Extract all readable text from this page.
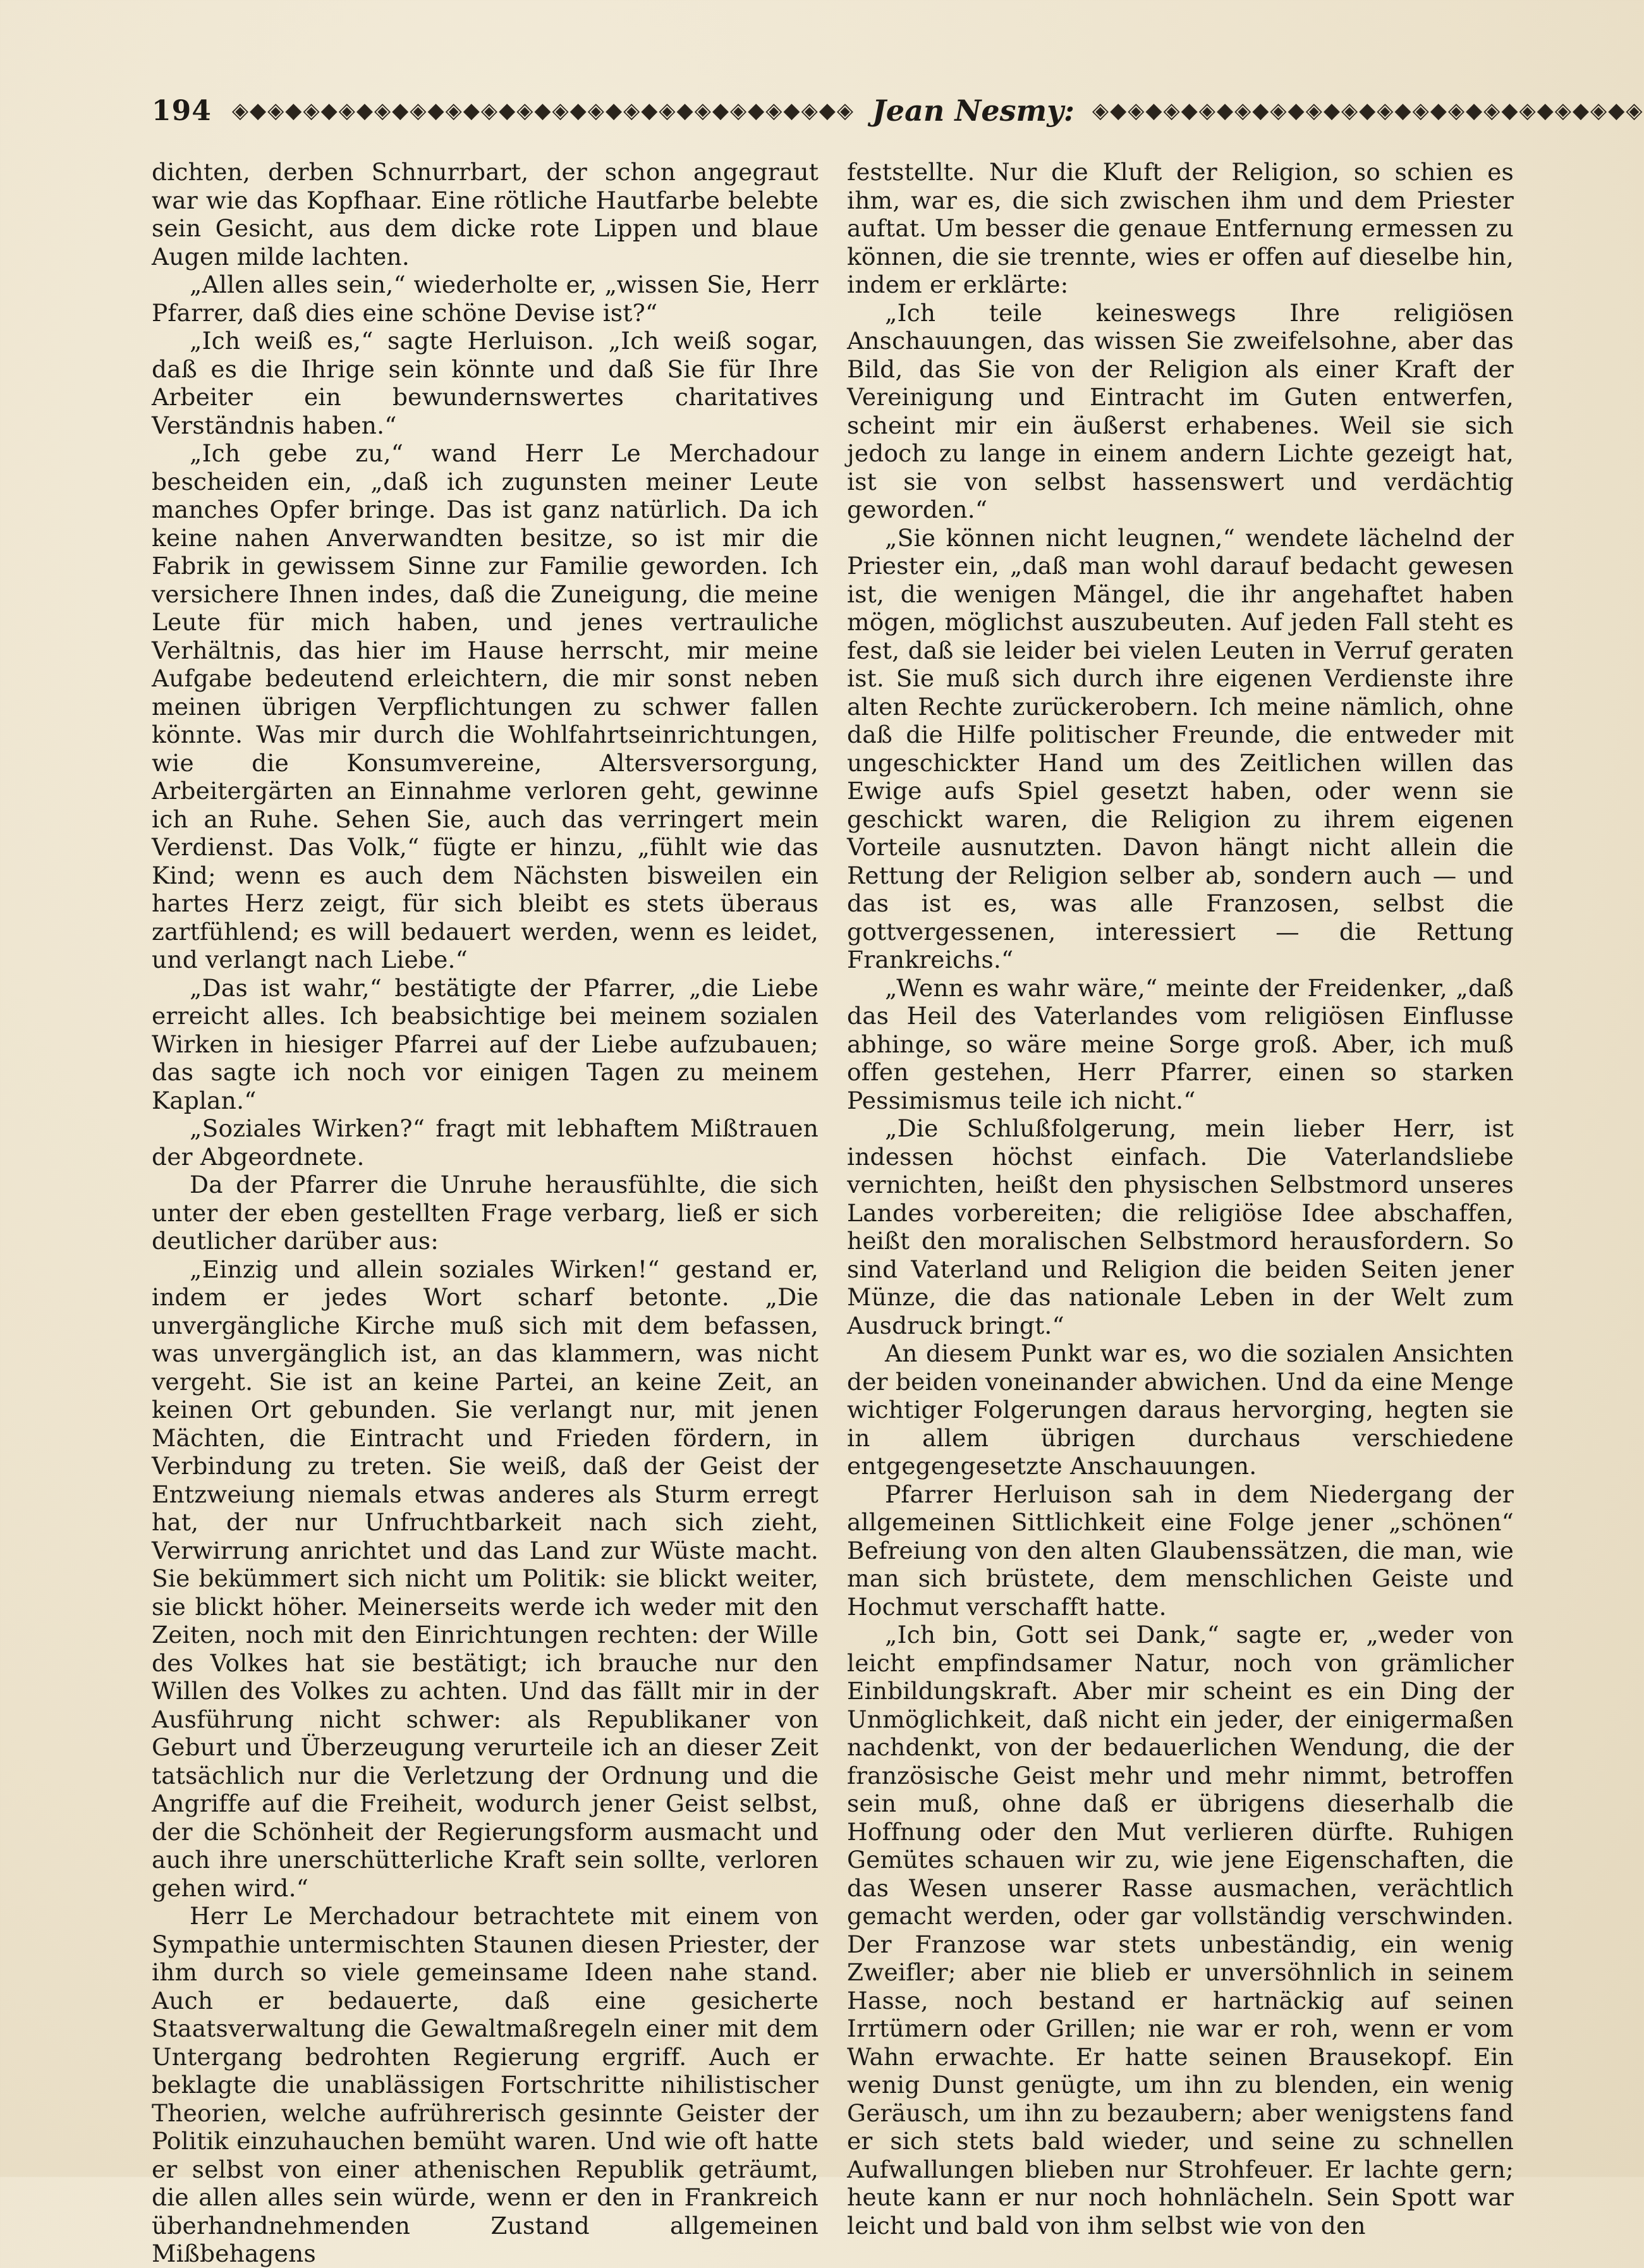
194 ◈◆◈◆◈◆◈◆◈◆◈◆◈◆◈◆◈◆◈◆◈◆◈◆◈◆◈◆◈◆◈◆◈◆◈ Jean Nesmy: ◈◆◈◆◈◆◈◆◈◆◈◆◈◆◈◆◈◆◈◆◈◆◈◆◈◆◈◆◈◆◈

dichten, derben Schnurrbart, der schon angegraut war wie das Kopfhaar. Eine rötliche Hautfarbe belebte sein Gesicht, aus dem dicke rote Lippen und blaue Augen milde lachten.

„Allen alles sein,“ wiederholte er, „wissen Sie, Herr Pfarrer, daß dies eine schöne Devise ist?“

„Ich weiß es,“ sagte Herluison. „Ich weiß sogar, daß es die Ihrige sein könnte und daß Sie für Ihre Arbeiter ein bewundernswertes charitatives Verständnis haben.“

„Ich gebe zu,“ wand Herr Le Merchadour bescheiden ein, „daß ich zugunsten meiner Leute manches Opfer bringe. Das ist ganz natürlich. Da ich keine nahen Anverwandten besitze, so ist mir die Fabrik in gewissem Sinne zur Familie geworden. Ich versichere Ihnen indes, daß die Zuneigung, die meine Leute für mich haben, und jenes vertrauliche Verhältnis, das hier im Hause herrscht, mir meine Aufgabe bedeutend erleichtern, die mir sonst neben meinen übrigen Verpflichtungen zu schwer fallen könnte. Was mir durch die Wohlfahrtseinrichtungen, wie die Konsumvereine, Altersversorgung, Arbeitergärten an Einnahme verloren geht, gewinne ich an Ruhe. Sehen Sie, auch das verringert mein Verdienst. Das Volk,“ fügte er hinzu, „fühlt wie das Kind; wenn es auch dem Nächsten bisweilen ein hartes Herz zeigt, für sich bleibt es stets überaus zartfühlend; es will bedauert werden, wenn es leidet, und verlangt nach Liebe.“

„Das ist wahr,“ bestätigte der Pfarrer, „die Liebe erreicht alles. Ich beabsichtige bei meinem sozialen Wirken in hiesiger Pfarrei auf der Liebe aufzubauen; das sagte ich noch vor einigen Tagen zu meinem Kaplan.“

„Soziales Wirken?“ fragt mit lebhaftem Mißtrauen der Abgeordnete.

Da der Pfarrer die Unruhe herausfühlte, die sich unter der eben gestellten Frage verbarg, ließ er sich deutlicher darüber aus:

„Einzig und allein soziales Wirken!“ gestand er, indem er jedes Wort scharf betonte. „Die unvergängliche Kirche muß sich mit dem befassen, was unvergänglich ist, an das klammern, was nicht vergeht. Sie ist an keine Partei, an keine Zeit, an keinen Ort gebunden. Sie verlangt nur, mit jenen Mächten, die Eintracht und Frieden fördern, in Verbindung zu treten. Sie weiß, daß der Geist der Entzweiung niemals etwas anderes als Sturm erregt hat, der nur Unfruchtbarkeit nach sich zieht, Verwirrung anrichtet und das Land zur Wüste macht. Sie bekümmert sich nicht um Politik: sie blickt weiter, sie blickt höher. Meinerseits werde ich weder mit den Zeiten, noch mit den Einrichtungen rechten: der Wille des Volkes hat sie bestätigt; ich brauche nur den Willen des Volkes zu achten. Und das fällt mir in der Ausführung nicht schwer: als Republikaner von Geburt und Überzeugung verurteile ich an dieser Zeit tatsächlich nur die Verletzung der Ordnung und die Angriffe auf die Freiheit, wodurch jener Geist selbst, der die Schönheit der Regierungsform ausmacht und auch ihre unerschütterliche Kraft sein sollte, verloren gehen wird.“

Herr Le Merchadour betrachtete mit einem von Sympathie untermischten Staunen diesen Priester, der ihm durch so viele gemeinsame Ideen nahe stand. Auch er bedauerte, daß eine gesicherte Staatsverwaltung die Gewaltmaßregeln einer mit dem Untergang bedrohten Regierung ergriff. Auch er beklagte die unablässigen Fortschritte nihilistischer Theorien, welche aufrührerisch gesinnte Geister der Politik einzuhauchen bemüht waren. Und wie oft hatte er selbst von einer athenischen Republik geträumt, die allen alles sein würde, wenn er den in Frankreich überhandnehmenden Zustand allgemeinen Mißbehagens

feststellte. Nur die Kluft der Religion, so schien es ihm, war es, die sich zwischen ihm und dem Priester auftat. Um besser die genaue Entfernung ermessen zu können, die sie trennte, wies er offen auf dieselbe hin, indem er erklärte:

„Ich teile keineswegs Ihre religiösen Anschauungen, das wissen Sie zweifelsohne, aber das Bild, das Sie von der Religion als einer Kraft der Vereinigung und Eintracht im Guten entwerfen, scheint mir ein äußerst erhabenes. Weil sie sich jedoch zu lange in einem andern Lichte gezeigt hat, ist sie von selbst hassenswert und verdächtig geworden.“

„Sie können nicht leugnen,“ wendete lächelnd der Priester ein, „daß man wohl darauf bedacht gewesen ist, die wenigen Mängel, die ihr angehaftet haben mögen, möglichst auszubeuten. Auf jeden Fall steht es fest, daß sie leider bei vielen Leuten in Verruf geraten ist. Sie muß sich durch ihre eigenen Verdienste ihre alten Rechte zurückerobern. Ich meine nämlich, ohne daß die Hilfe politischer Freunde, die entweder mit ungeschickter Hand um des Zeitlichen willen das Ewige aufs Spiel gesetzt haben, oder wenn sie geschickt waren, die Religion zu ihrem eigenen Vorteile ausnutzten. Davon hängt nicht allein die Rettung der Religion selber ab, sondern auch — und das ist es, was alle Franzosen, selbst die gottvergessenen, interessiert — die Rettung Frankreichs.“

„Wenn es wahr wäre,“ meinte der Freidenker, „daß das Heil des Vaterlandes vom religiösen Einflusse abhinge, so wäre meine Sorge groß. Aber, ich muß offen gestehen, Herr Pfarrer, einen so starken Pessimismus teile ich nicht.“

„Die Schlußfolgerung, mein lieber Herr, ist indessen höchst einfach. Die Vaterlandsliebe vernichten, heißt den physischen Selbstmord unseres Landes vorbereiten; die religiöse Idee abschaffen, heißt den moralischen Selbstmord herausfordern. So sind Vaterland und Religion die beiden Seiten jener Münze, die das nationale Leben in der Welt zum Ausdruck bringt.“

An diesem Punkt war es, wo die sozialen Ansichten der beiden voneinander abwichen. Und da eine Menge wichtiger Folgerungen daraus hervorging, hegten sie in allem übrigen durchaus verschiedene entgegengesetzte Anschauungen.

Pfarrer Herluison sah in dem Niedergang der allgemeinen Sittlichkeit eine Folge jener „schönen“ Befreiung von den alten Glaubenssätzen, die man, wie man sich brüstete, dem menschlichen Geiste und Hochmut verschafft hatte.

„Ich bin, Gott sei Dank,“ sagte er, „weder von leicht empfindsamer Natur, noch von grämlicher Einbildungskraft. Aber mir scheint es ein Ding der Unmöglichkeit, daß nicht ein jeder, der einigermaßen nachdenkt, von der bedauerlichen Wendung, die der französische Geist mehr und mehr nimmt, betroffen sein muß, ohne daß er übrigens dieserhalb die Hoffnung oder den Mut verlieren dürfte. Ruhigen Gemütes schauen wir zu, wie jene Eigenschaften, die das Wesen unserer Rasse ausmachen, verächtlich gemacht werden, oder gar vollständig verschwinden. Der Franzose war stets unbeständig, ein wenig Zweifler; aber nie blieb er unversöhnlich in seinem Hasse, noch bestand er hartnäckig auf seinen Irrtümern oder Grillen; nie war er roh, wenn er vom Wahn erwachte. Er hatte seinen Brausekopf. Ein wenig Dunst genügte, um ihn zu blenden, ein wenig Geräusch, um ihn zu bezaubern; aber wenigstens fand er sich stets bald wieder, und seine zu schnellen Aufwallungen blieben nur Strohfeuer. Er lachte gern; heute kann er nur noch hohnlächeln. Sein Spott war leicht und bald von ihm selbst wie von den
